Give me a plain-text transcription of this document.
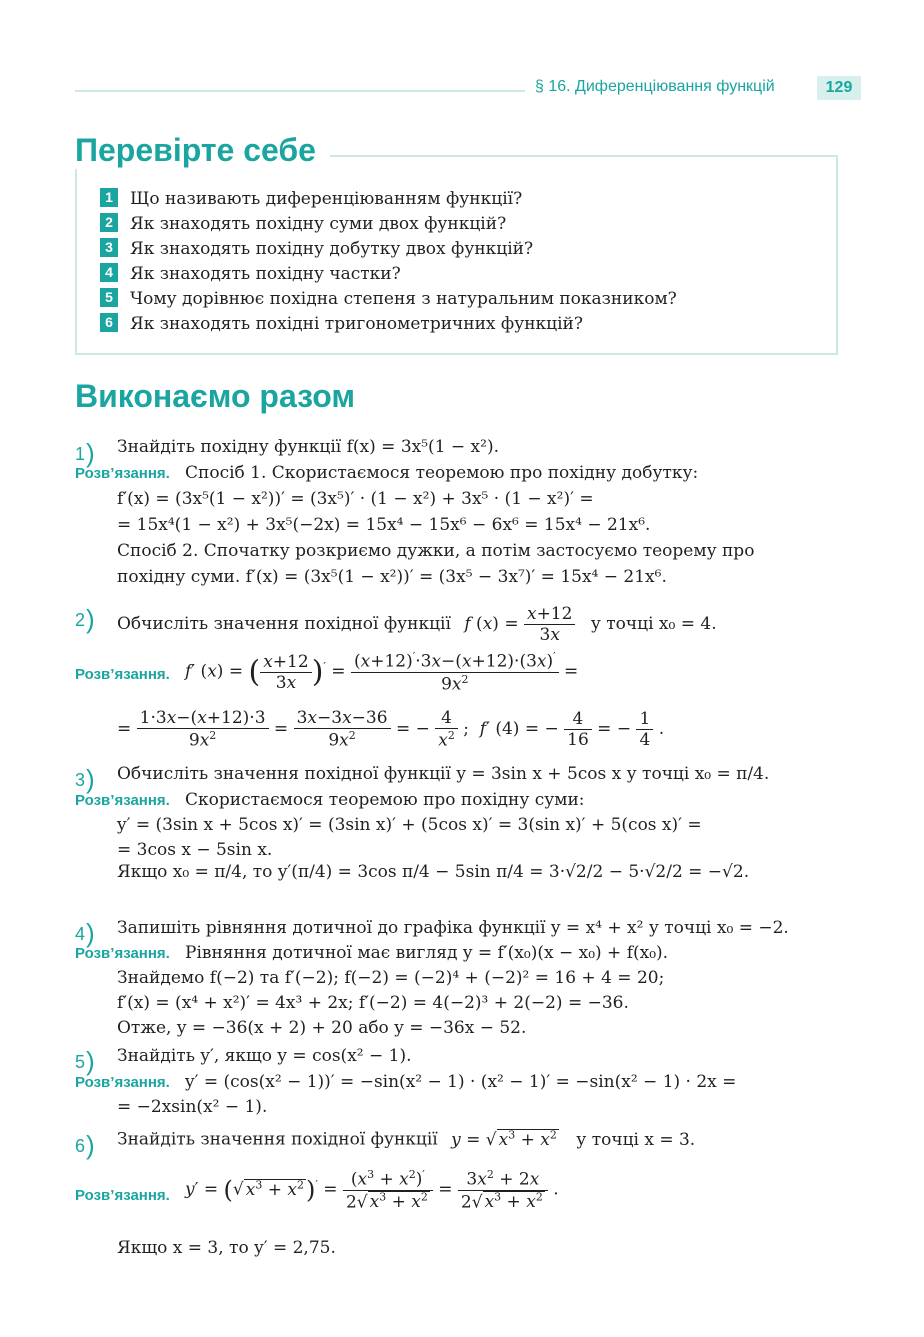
§ 16. Диференціювання функцій	129
Перевірте себе
1 Що називають диференціюванням функції?
2 Як знаходять похідну суми двох функцій?
3 Як знаходять похідну добутку двох функцій?
4 Як знаходять похідну частки?
5 Чому дорівнює похідна степеня з натуральним показником?
6 Як знаходять похідні тригонометричних функцій?
Виконаємо разом
1) Знайдіть похідну функції f(x) = 3x⁵(1 − x²).
Розв’язання. Спосіб 1. Скористаємося теоремою про похідну добутку:
f′(x) = (3x⁵(1 − x²))′ = (3x⁵)′ · (1 − x²) + 3x⁵ · (1 − x²)′ =
= 15x⁴(1 − x²) + 3x⁵(−2x) = 15x⁴ − 15x⁶ − 6x⁶ = 15x⁴ − 21x⁶.
Спосіб 2. Спочатку розкриємо дужки, а потім застосуємо теорему про
похідну суми. f′(x) = (3x⁵(1 − x²))′ = (3x⁵ − 3x⁷)′ = 15x⁴ − 21x⁶.
2) Обчисліть значення похідної функції f $(x) = \frac{x+12}{3x}$ у точці x₀ = 4.
Розв’язання. f′ (x) = ( $\frac{x+12}{3x} )' = \frac{(x+12)'\cdot 3x-(x+12)\cdot(3x)'}{9x^2}$ =
= $\frac{1\cdot 3x-(x+12)\cdot 3}{9x^2} = \frac{3x-3x-36}{9x^2}$ = − $\frac{4}{x^2}$ ;  f′ (4) = − $\frac{4}{16}$ = − $\frac{1}{4}$ .
3) Обчисліть значення похідної функції y = 3sin x + 5cos x у точці x₀ = π/4.
Розв’язання. Скористаємося теоремою про похідну суми:
y′ = (3sin x + 5cos x)′ = (3sin x)′ + (5cos x)′ = 3(sin x)′ + 5(cos x)′ =
= 3cos x − 5sin x.
Якщо x₀ = π/4, то y′(π/4) = 3cos π/4 − 5sin π/4 = 3·√2/2 − 5·√2/2 = −√2.
4) Запишіть рівняння дотичної до графіка функції y = x⁴ + x² у точці x₀ = −2.
Розв’язання. Рівняння дотичної має вигляд y = f′(x₀)(x − x₀) + f(x₀).
Знайдемо f(−2) та f′(−2); f(−2) = (−2)⁴ + (−2)² = 16 + 4 = 20;
f′(x) = (x⁴ + x²)′ = 4x³ + 2x; f′(−2) = 4(−2)³ + 2(−2) = −36.
Отже, y = −36(x + 2) + 20 або y = −36x − 52.
5) Знайдіть y′, якщо y = cos(x² − 1).
Розв’язання. y′ = (cos(x² − 1))′ = −sin(x² − 1) · (x² − 1)′ = −sin(x² − 1) · 2x =
= −2xsin(x² − 1).
6) Знайдіть значення похідної функції y = √ $x^3 + x^2$ у точці x = 3.
Розв’язання. y′ = (√ $x^3 + x^2)' = \frac{(x^3 + x^2)'}{2√ x^3 + x^2} = \frac{3x^2 + 2x}{2√ x^3 + x^2}$ .
Якщо x = 3, то y′ = 2,75.
